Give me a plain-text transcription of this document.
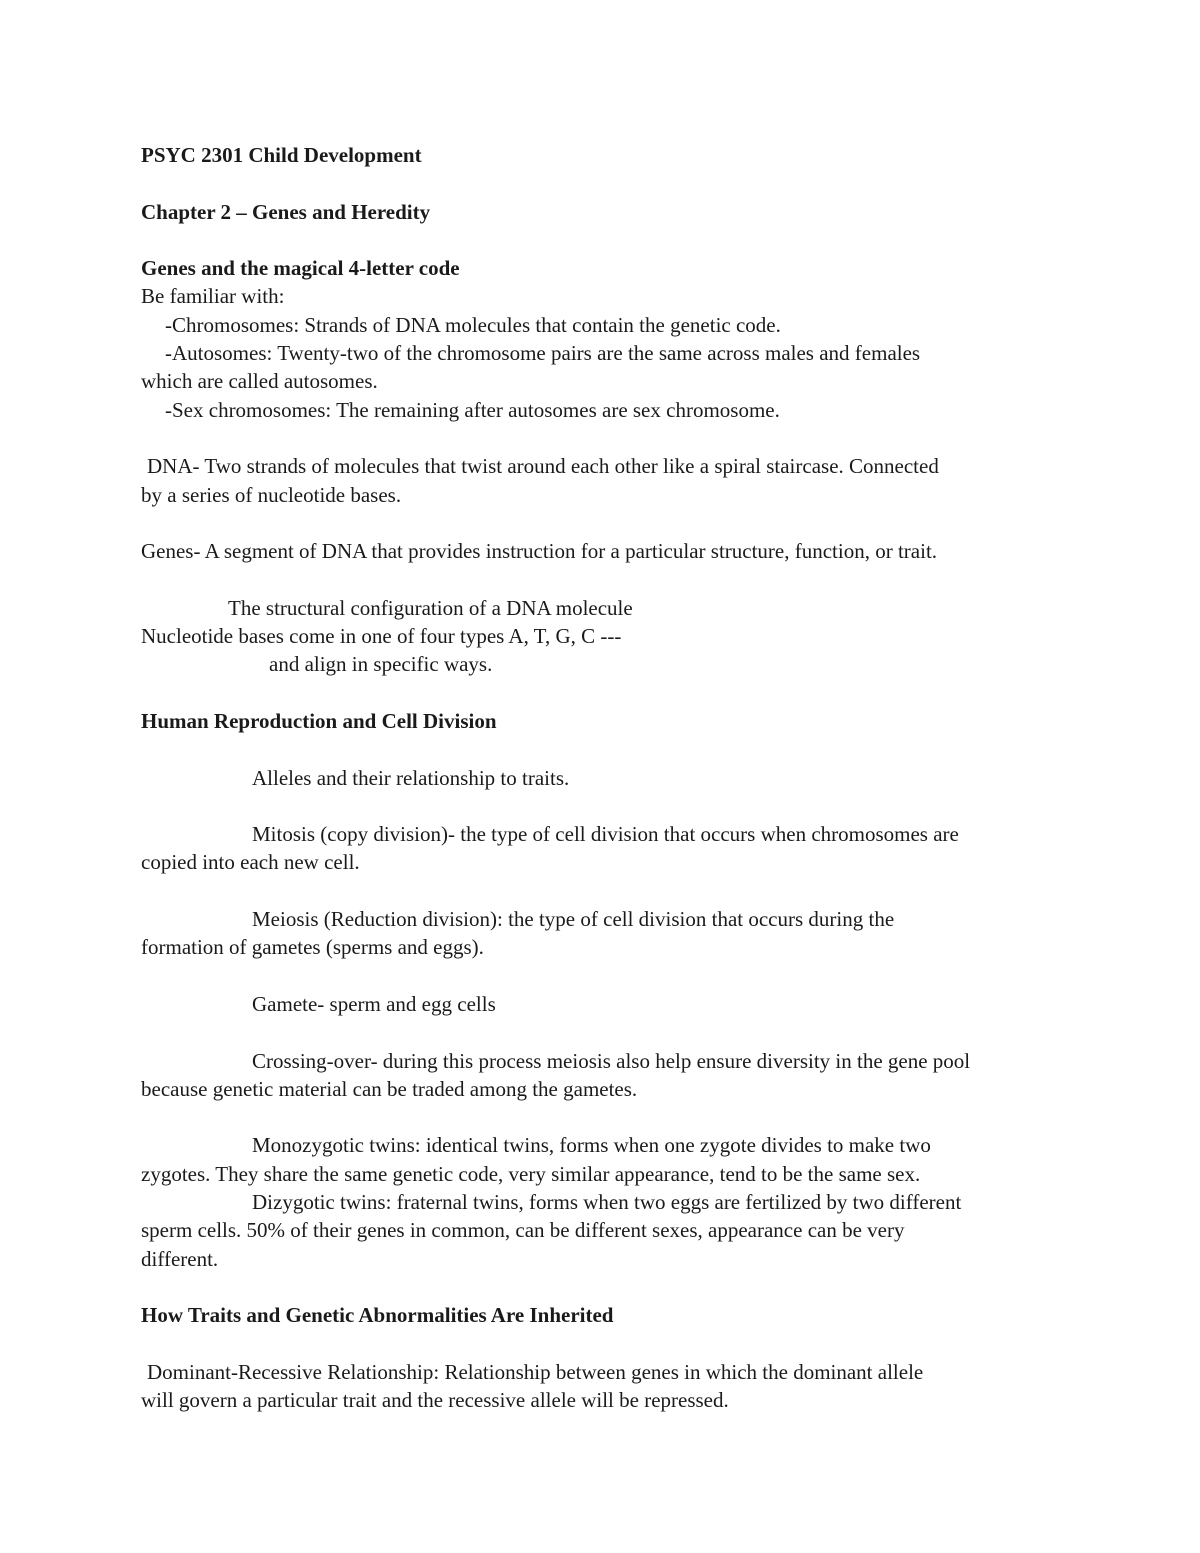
PSYC 2301 Child Development

Chapter 2 – Genes and Heredity

Genes and the magical 4-letter code

Be familiar with:

-Chromosomes: Strands of DNA molecules that contain the genetic code.

-Autosomes: Twenty-two of the chromosome pairs are the same across males and females

which are called autosomes.

-Sex chromosomes: The remaining after autosomes are sex chromosome.

DNA- Two strands of molecules that twist around each other like a spiral staircase. Connected

by a series of nucleotide bases.

Genes- A segment of DNA that provides instruction for a particular structure, function, or trait.

The structural configuration of a DNA molecule

Nucleotide bases come in one of four types A, T, G, C ---

and align in specific ways.

Human Reproduction and Cell Division

Alleles and their relationship to traits.

Mitosis (copy division)- the type of cell division that occurs when chromosomes are

copied into each new cell.

Meiosis (Reduction division): the type of cell division that occurs during the

formation of gametes (sperms and eggs).

Gamete- sperm and egg cells

Crossing-over- during this process meiosis also help ensure diversity in the gene pool

because genetic material can be traded among the gametes.

Monozygotic twins: identical twins, forms when one zygote divides to make two

zygotes. They share the same genetic code, very similar appearance, tend to be the same sex.

Dizygotic twins: fraternal twins, forms when two eggs are fertilized by two different

sperm cells. 50% of their genes in common, can be different sexes, appearance can be very

different.

How Traits and Genetic Abnormalities Are Inherited

Dominant-Recessive Relationship: Relationship between genes in which the dominant allele

will govern a particular trait and the recessive allele will be repressed.
